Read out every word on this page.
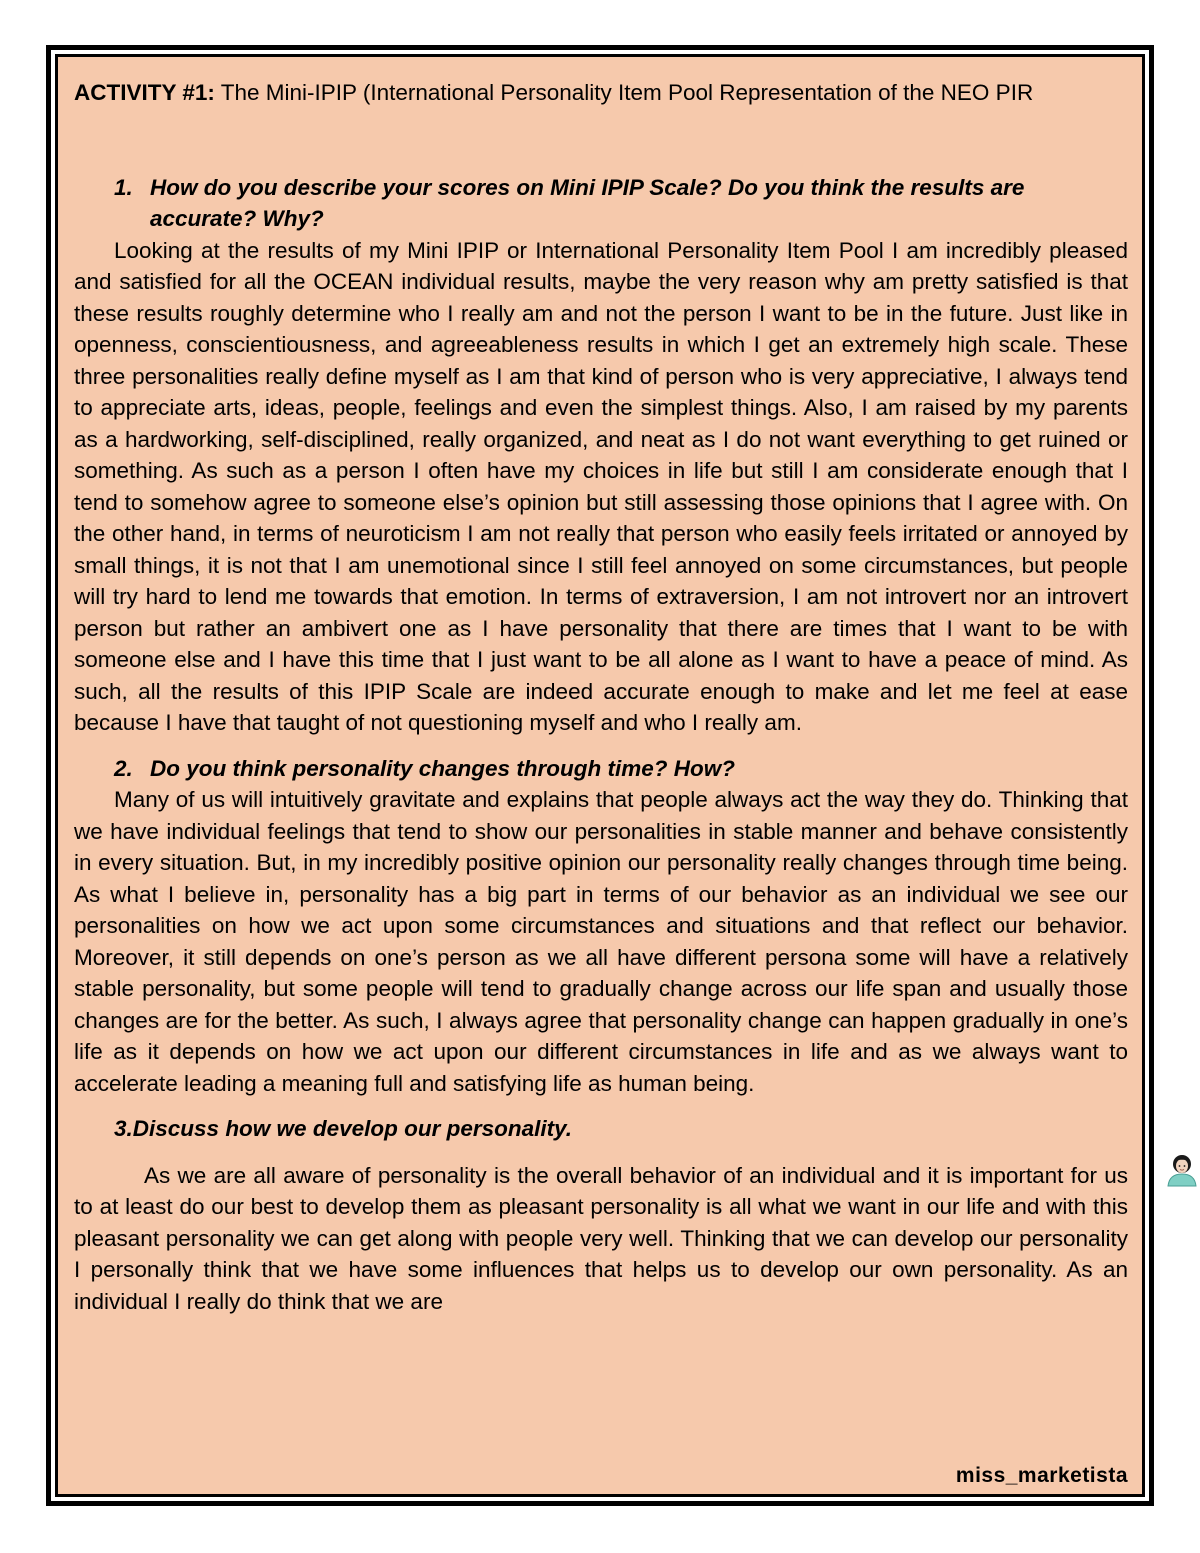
ACTIVITY #1: The Mini-IPIP (International Personality Item Pool Representation of the NEO PIR

1. How do you describe your scores on Mini IPIP Scale? Do you think the results are accurate? Why?

Looking at the results of my Mini IPIP or International Personality Item Pool I am incredibly pleased and satisfied for all the OCEAN individual results, maybe the very reason why am pretty satisfied is that these results roughly determine who I really am and not the person I want to be in the future. Just like in openness, conscientiousness, and agreeableness results in which I get an extremely high scale. These three personalities really define myself as I am that kind of person who is very appreciative, I always tend to appreciate arts, ideas, people, feelings and even the simplest things. Also, I am raised by my parents as a hardworking, self-disciplined, really organized, and neat as I do not want everything to get ruined or something. As such as a person I often have my choices in life but still I am considerate enough that I tend to somehow agree to someone else’s opinion but still assessing those opinions that I agree with. On the other hand, in terms of neuroticism I am not really that person who easily feels irritated or annoyed by small things, it is not that I am unemotional since I still feel annoyed on some circumstances, but people will try hard to lend me towards that emotion. In terms of extraversion, I am not introvert nor an introvert person but rather an ambivert one as I have personality that there are times that I want to be with someone else and I have this time that I just want to be all alone as I want to have a peace of mind. As such, all the results of this IPIP Scale are indeed accurate enough to make and let me feel at ease because I have that taught of not questioning myself and who I really am.

2. Do you think personality changes through time? How?

Many of us will intuitively gravitate and explains that people always act the way they do. Thinking that we have individual feelings that tend to show our personalities in stable manner and behave consistently in every situation. But, in my incredibly positive opinion our personality really changes through time being. As what I believe in, personality has a big part in terms of our behavior as an individual we see our personalities on how we act upon some circumstances and situations and that reflect our behavior. Moreover, it still depends on one’s person as we all have different persona some will have a relatively stable personality, but some people will tend to gradually change across our life span and usually those changes are for the better. As such, I always agree that personality change can happen gradually in one’s life as it depends on how we act upon our different circumstances in life and as we always want to accelerate leading a meaning full and satisfying life as human being.

3.Discuss how we develop our personality.

As we are all aware of personality is the overall behavior of an individual and it is important for us to at least do our best to develop them as pleasant personality is all what we want in our life and with this pleasant personality we can get along with people very well. Thinking that we can develop our personality I personally think that we have some influences that helps us to develop our own personality. As an individual I really do think that we are

miss_marketista
